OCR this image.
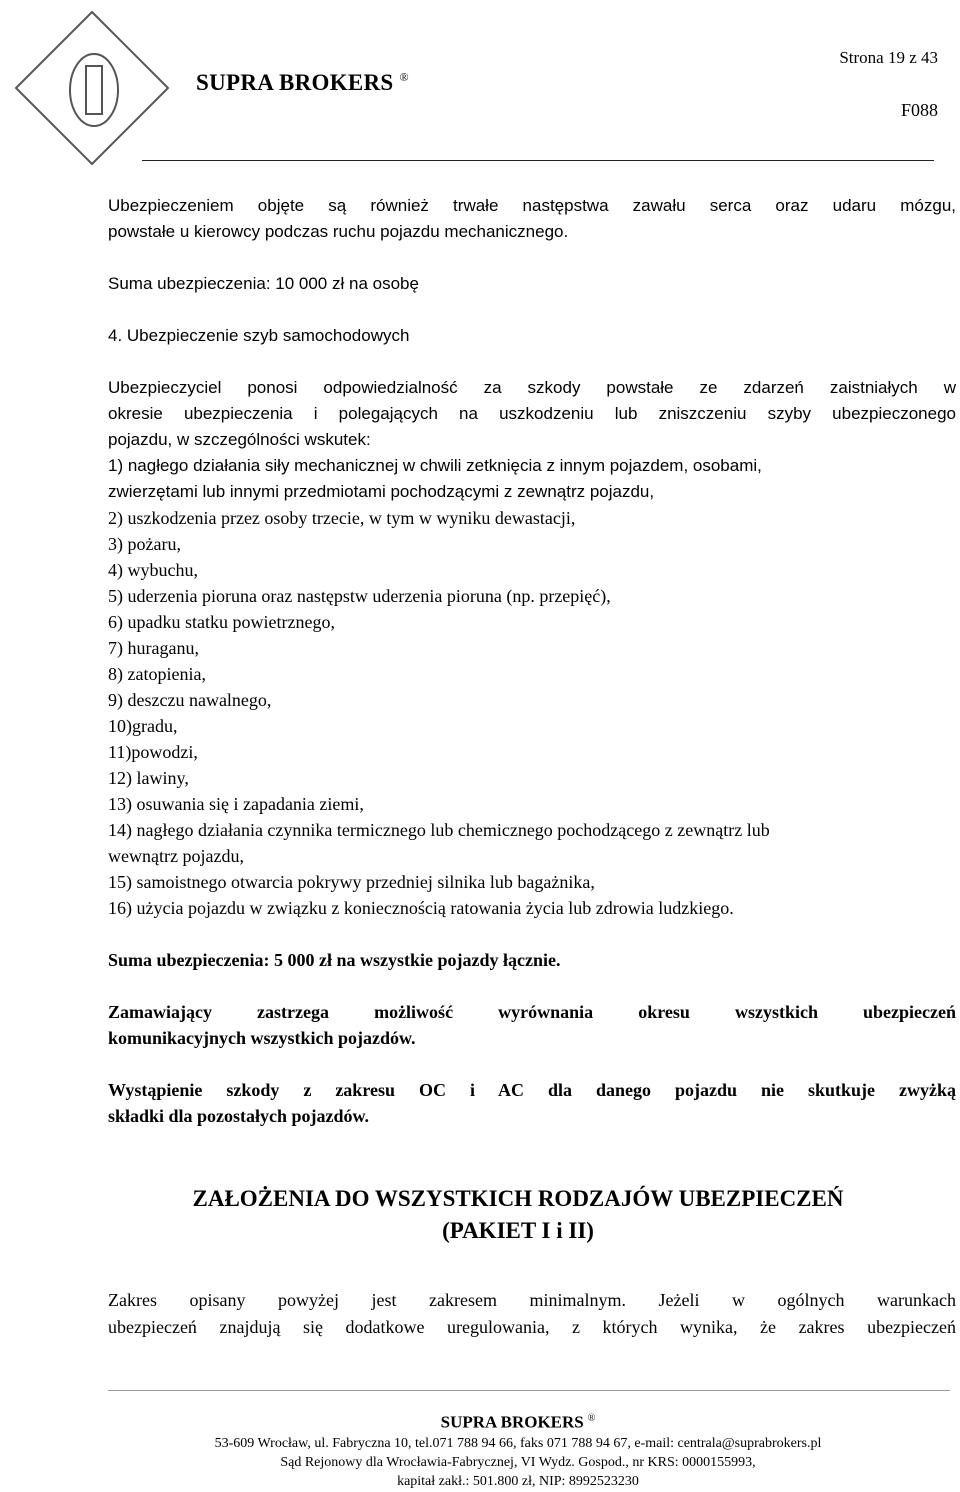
Strona 19 z 43
SUPRA BROKERS ®
F088

Ubezpieczeniem objęte są również trwałe następstwa zawału serca oraz udaru mózgu,

powstałe u kierowcy podczas ruchu pojazdu mechanicznego.

Suma ubezpieczenia: 10 000 zł na osobę

4. Ubezpieczenie szyb samochodowych

Ubezpieczyciel ponosi odpowiedzialność za szkody powstałe ze zdarzeń zaistniałych w

okresie ubezpieczenia i polegających na uszkodzeniu lub zniszczeniu szyby ubezpieczonego

pojazdu, w szczególności wskutek:

1) nagłego działania siły mechanicznej w chwili zetknięcia z innym pojazdem, osobami,

zwierzętami lub innymi przedmiotami pochodzącymi z zewnątrz pojazdu,

2) uszkodzenia przez osoby trzecie, w tym w wyniku dewastacji,

3) pożaru,

4) wybuchu,

5) uderzenia pioruna oraz następstw uderzenia pioruna (np. przepięć),

6) upadku statku powietrznego,

7) huraganu,

8) zatopienia,

9) deszczu nawalnego,

10)gradu,

11)powodzi,

12) lawiny,

13) osuwania się i zapadania ziemi,

14) nagłego działania czynnika termicznego lub chemicznego pochodzącego z zewnątrz lub

wewnątrz pojazdu,

15) samoistnego otwarcia pokrywy przedniej silnika lub bagażnika,

16) użycia pojazdu w związku z koniecznością ratowania życia lub zdrowia ludzkiego.

Suma ubezpieczenia: 5 000 zł na wszystkie pojazdy łącznie.

Zamawiający zastrzega możliwość wyrównania okresu wszystkich ubezpieczeń

komunikacyjnych wszystkich pojazdów.

Wystąpienie szkody z zakresu OC i AC dla danego pojazdu nie skutkuje zwyżką

składki dla pozostałych pojazdów.

ZAŁOŻENIA DO WSZYSTKICH RODZAJÓW UBEZPIECZEŃ
(PAKIET I i II)

Zakres opisany powyżej jest zakresem minimalnym. Jeżeli w ogólnych warunkach

ubezpieczeń znajdują się dodatkowe uregulowania, z których wynika, że zakres ubezpieczeń

SUPRA BROKERS ®
53-609 Wrocław, ul. Fabryczna 10, tel.071 788 94 66, faks 071 788 94 67, e-mail: centrala@suprabrokers.pl
Sąd Rejonowy dla Wrocławia-Fabrycznej, VI Wydz. Gospod., nr KRS: 0000155993,
kapitał zakł.: 501.800 zł, NIP: 8992523230
